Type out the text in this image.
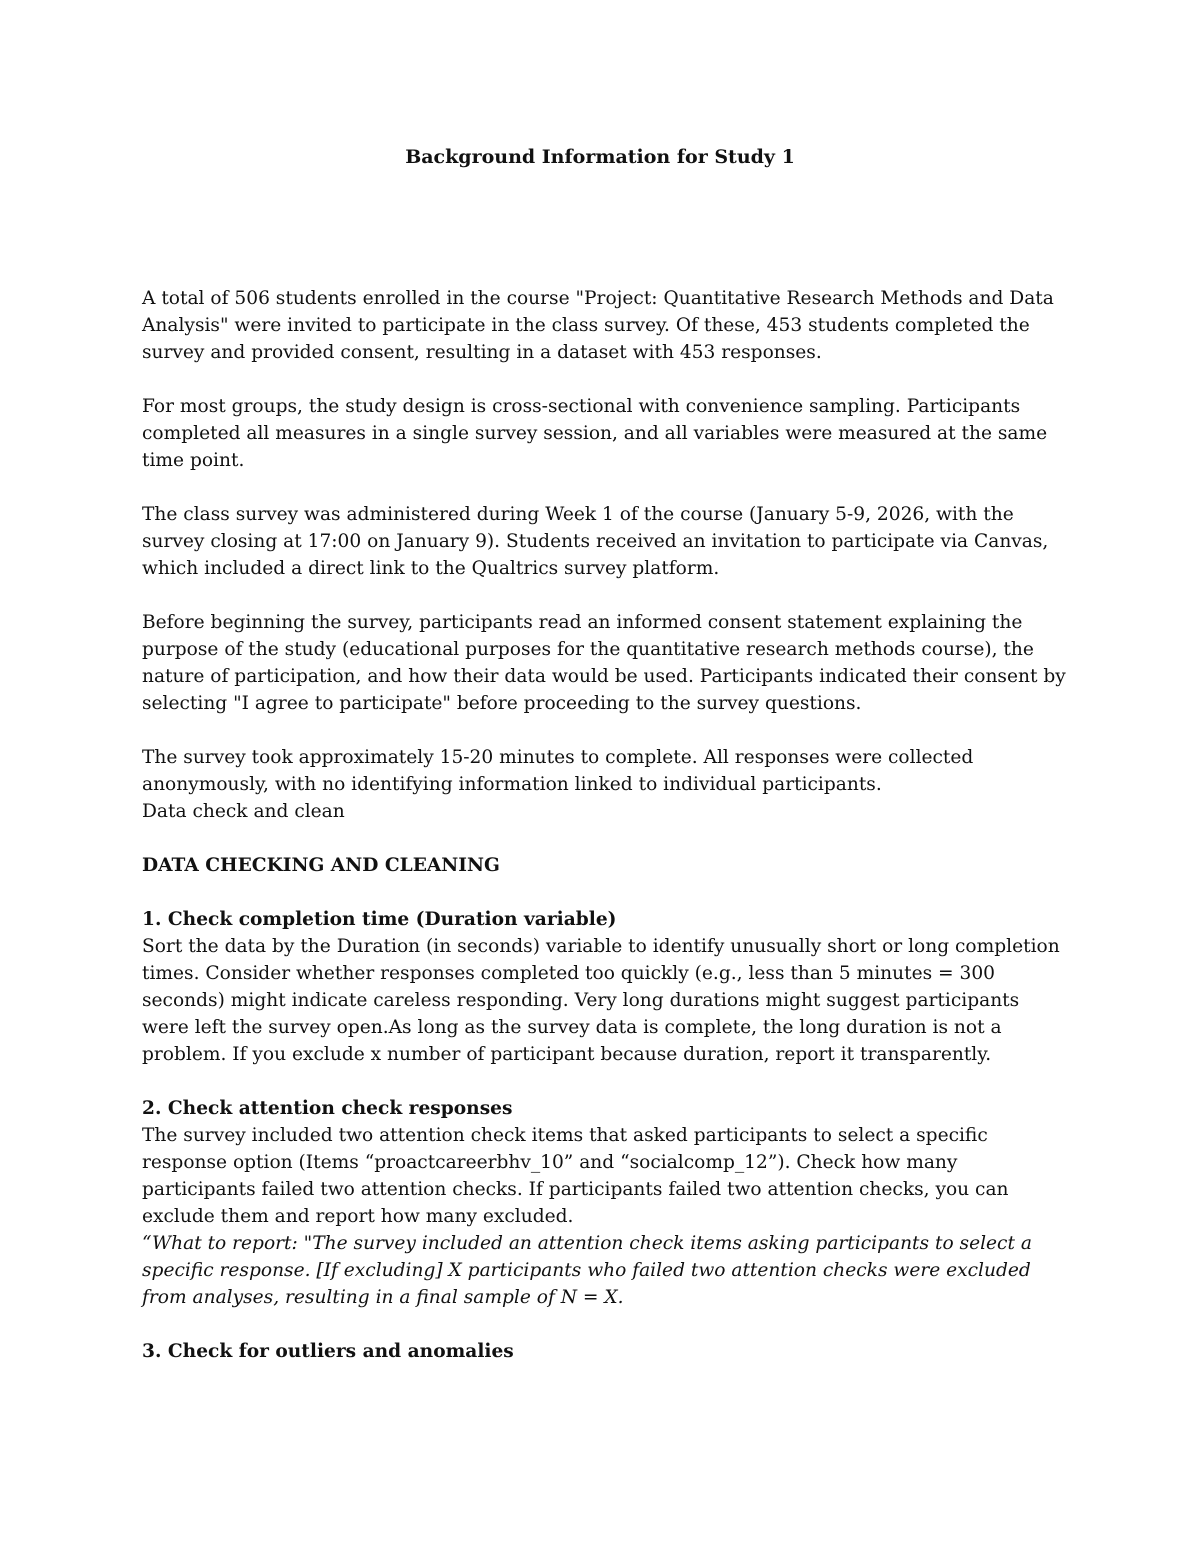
Background Information for Study 1
A total of 506 students enrolled in the course "Project: Quantitative Research Methods and Data
Analysis" were invited to participate in the class survey. Of these, 453 students completed the
survey and provided consent, resulting in a dataset with 453 responses.
For most groups, the study design is cross-sectional with convenience sampling. Participants
completed all measures in a single survey session, and all variables were measured at the same
time point.
The class survey was administered during Week 1 of the course (January 5-9, 2026, with the
survey closing at 17:00 on January 9). Students received an invitation to participate via Canvas,
which included a direct link to the Qualtrics survey platform.
Before beginning the survey, participants read an informed consent statement explaining the
purpose of the study (educational purposes for the quantitative research methods course), the
nature of participation, and how their data would be used. Participants indicated their consent by
selecting "I agree to participate" before proceeding to the survey questions.
The survey took approximately 15-20 minutes to complete. All responses were collected
anonymously, with no identifying information linked to individual participants.
Data check and clean
DATA CHECKING AND CLEANING
1. Check completion time (Duration variable)
Sort the data by the Duration (in seconds) variable to identify unusually short or long completion
times. Consider whether responses completed too quickly (e.g., less than 5 minutes = 300
seconds) might indicate careless responding. Very long durations might suggest participants
were left the survey open.As long as the survey data is complete, the long duration is not a
problem. If you exclude x number of participant because duration, report it transparently.
2. Check attention check responses
The survey included two attention check items that asked participants to select a specific
response option (Items “proactcareerbhv_10” and “socialcomp_12”). Check how many
participants failed two attention checks. If participants failed two attention checks, you can
exclude them and report how many excluded.
“What to report: "The survey included an attention check items asking participants to select a
specific response. [If excluding] X participants who failed two attention checks were excluded
from analyses, resulting in a final sample of N = X.
3. Check for outliers and anomalies
